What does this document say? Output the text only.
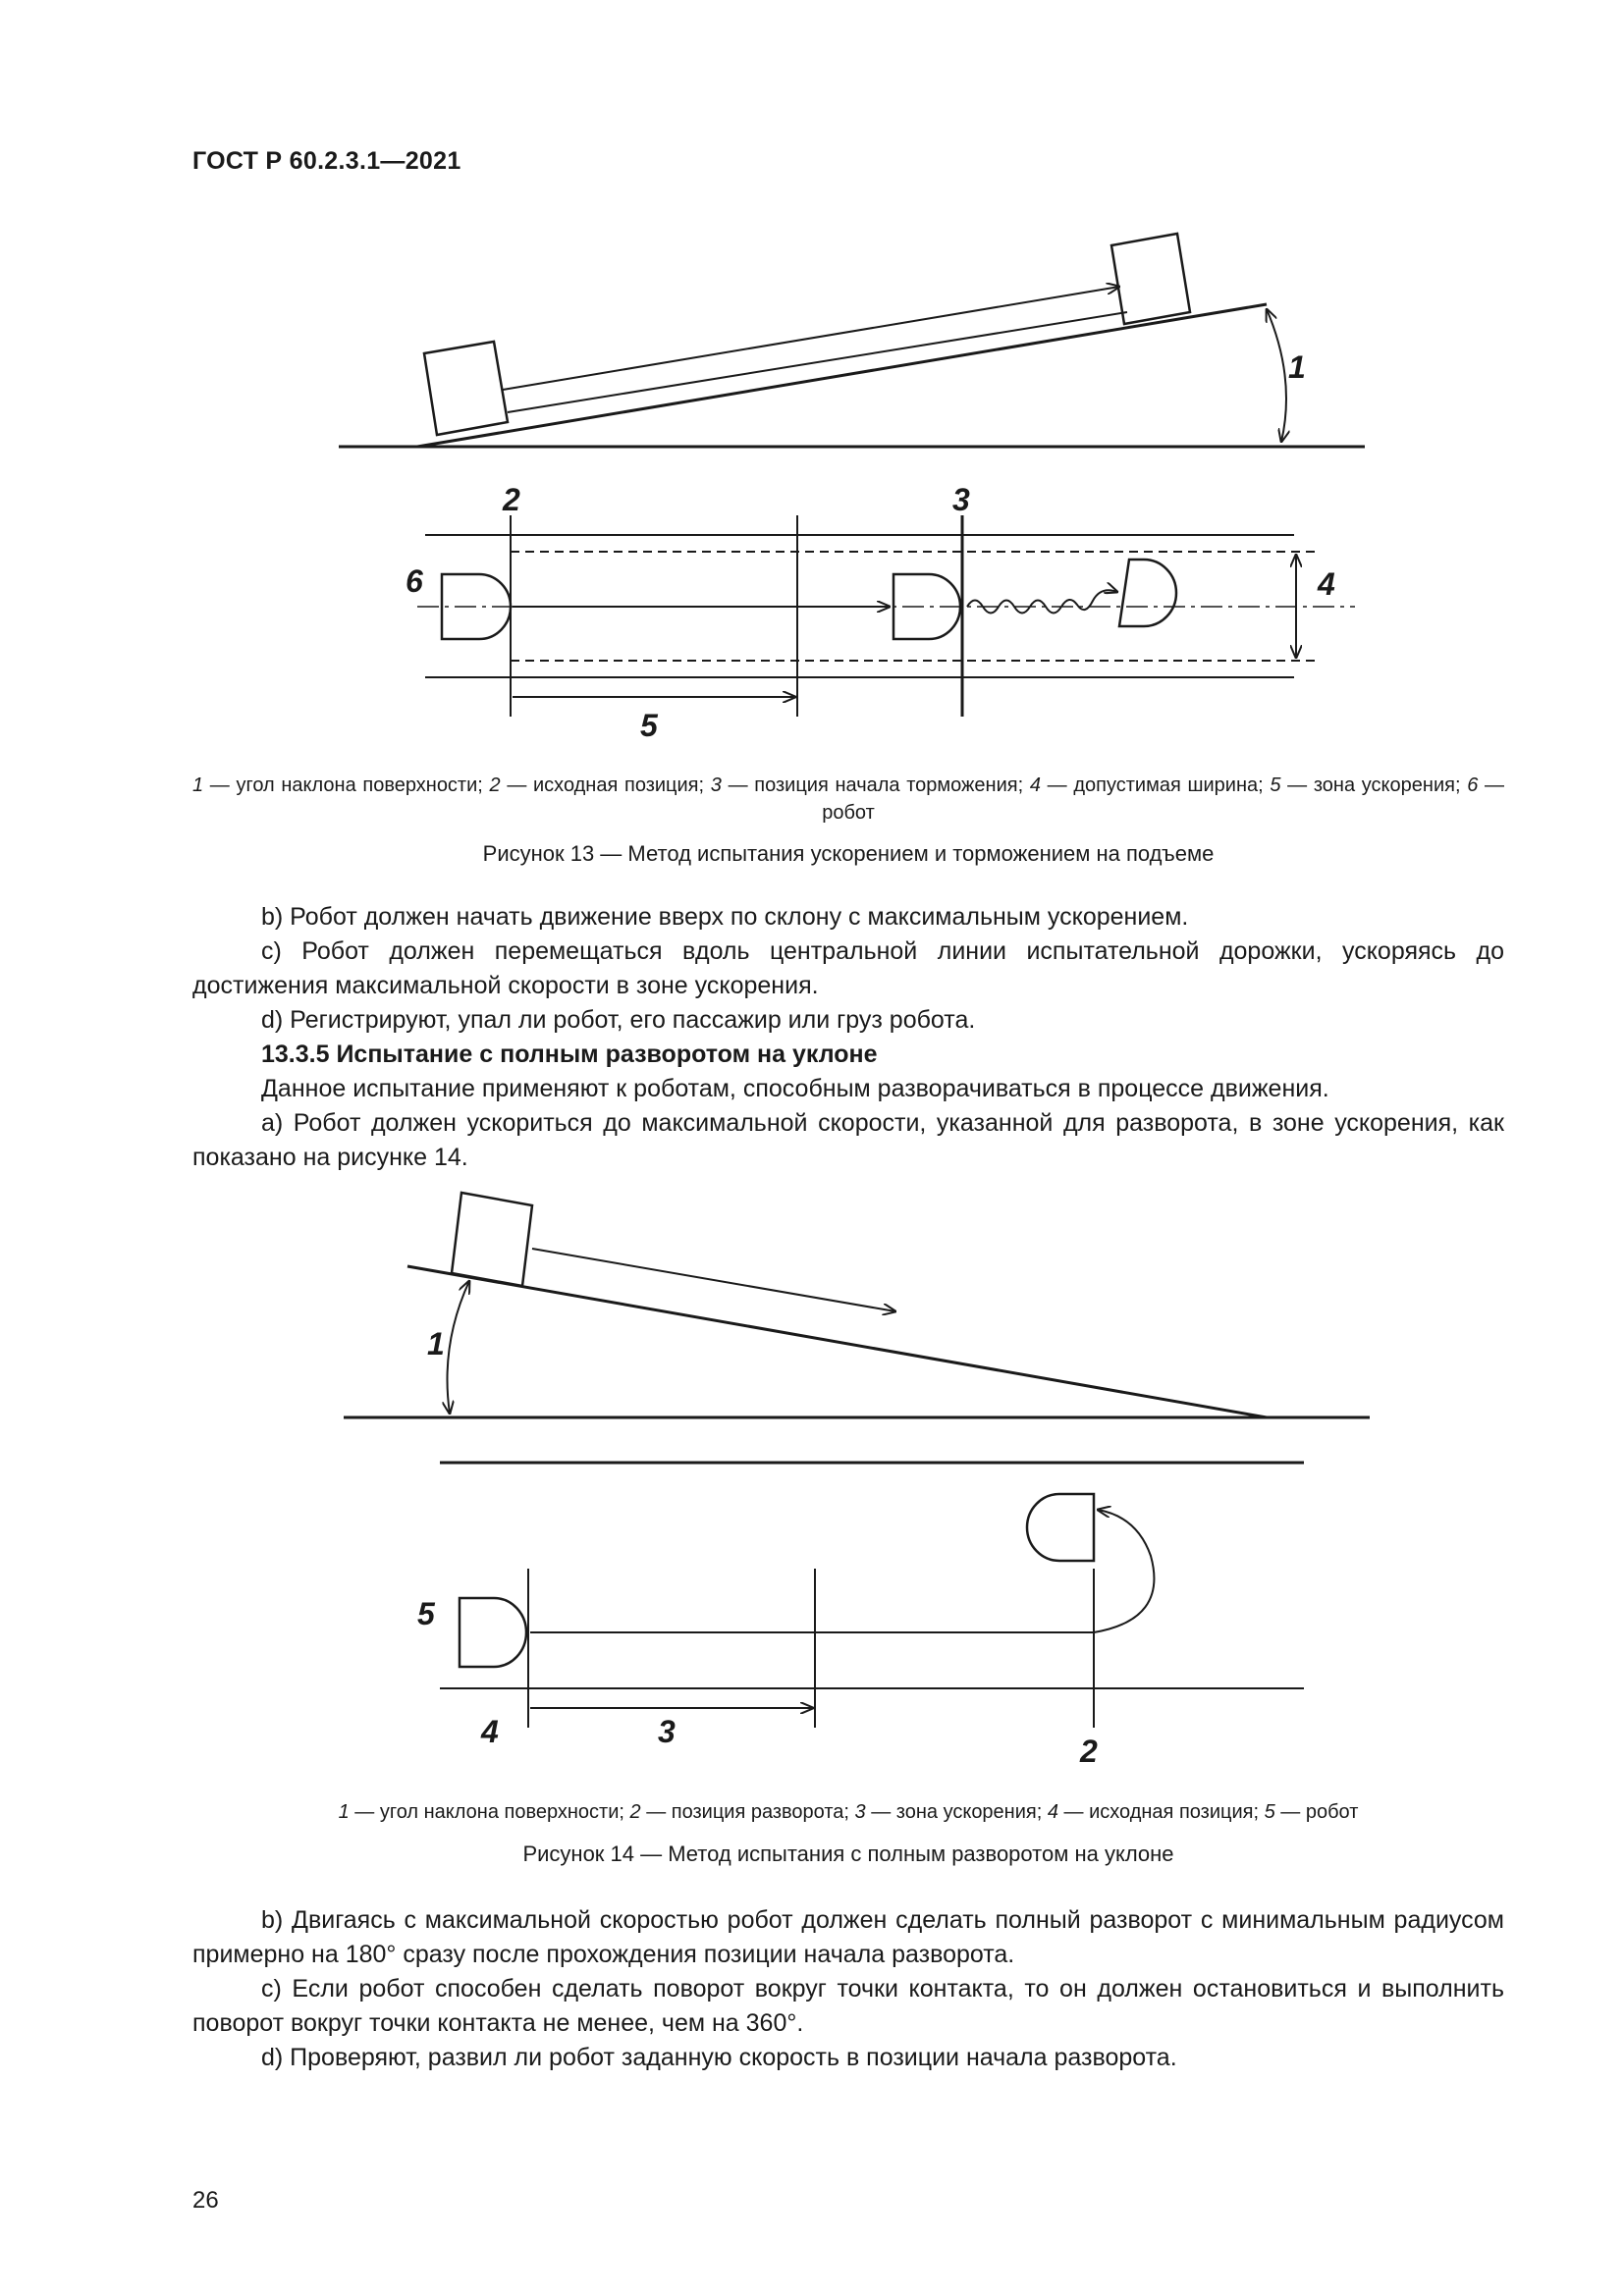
ГОСТ Р 60.2.3.1—2021
1
2	3
4
5
6
1 — угол наклона поверхности; 2 — исходная позиция; 3 — позиция начала торможения; 4 — допустимая ширина; 5 — зона ускорения; 6 — робот
Рисунок 13 — Метод испытания ускорением и торможением на подъеме

b) Робот должен начать движение вверх по склону с максимальным ускорением.

c) Робот должен перемещаться вдоль центральной линии испытательной дорожки, ускоряясь до достижения максимальной скорости в зоне ускорения.

d) Регистрируют, упал ли робот, его пассажир или груз робота.

13.3.5 Испытание с полным разворотом на уклоне

Данное испытание применяют к роботам, способным разворачиваться в процессе движения.

а) Робот должен ускориться до максимальной скорости, указанной для разворота, в зоне ускорения, как показано на рисунке 14.

1
2
3
4
5
1 — угол наклона поверхности; 2 — позиция разворота; 3 — зона ускорения; 4 — исходная позиция; 5 — робот
Рисунок 14 — Метод испытания с полным разворотом на уклоне

b) Двигаясь с максимальной скоростью робот должен сделать полный разворот с минимальным радиусом примерно на 180° сразу после прохождения позиции начала разворота.

c) Если робот способен сделать поворот вокруг точки контакта, то он должен остановиться и выполнить поворот вокруг точки контакта не менее, чем на 360°.

d) Проверяют, развил ли робот заданную скорость в позиции начала разворота.

26
